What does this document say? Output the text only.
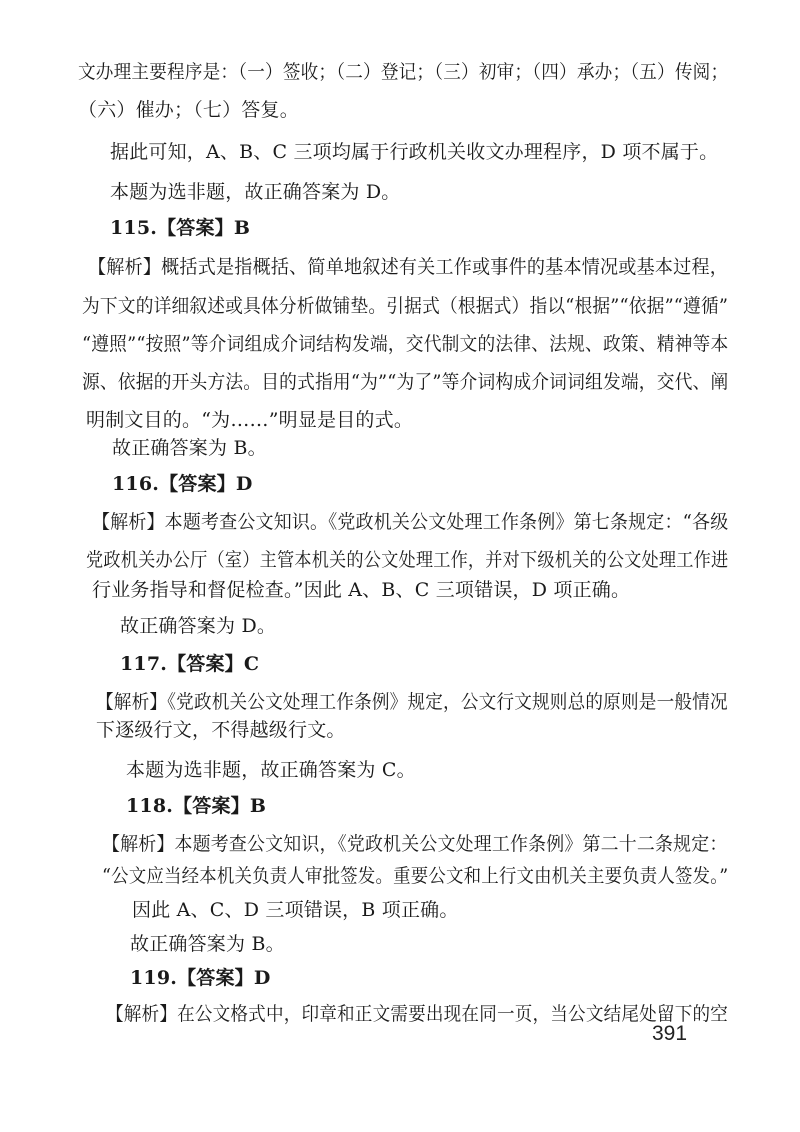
文办理主要程序是：（一）签收；（二）登记；（三）初审；（四）承办；（五）传阅；
（六）催办；（七）答复。
据此可知，A、B、C 三项均属于行政机关收文办理程序，D 项不属于。
本题为选非题，故正确答案为 D。
115.【答案】B
【解析】概括式是指概括、简单地叙述有关工作或事件的基本情况或基本过程，
为下文的详细叙述或具体分析做铺垫。引据式（根据式）指以“根据”“依据”“遵循”
“遵照”“按照”等介词组成介词结构发端，交代制文的法律、法规、政策、精神等本
源、依据的开头方法。目的式指用“为”“为了”等介词构成介词词组发端，交代、阐
明制文目的。“为……”明显是目的式。
故正确答案为 B。
116.【答案】D
【解析】本题考查公文知识。《党政机关公文处理工作条例》第七条规定：“各级
党政机关办公厅（室）主管本机关的公文处理工作，并对下级机关的公文处理工作进
行业务指导和督促检查。”因此 A、B、C 三项错误，D 项正确。
故正确答案为 D。
117.【答案】C
【解析】《党政机关公文处理工作条例》规定，公文行文规则总的原则是一般情况
下逐级行文，不得越级行文。
本题为选非题，故正确答案为 C。
118.【答案】B
【解析】本题考查公文知识，《党政机关公文处理工作条例》第二十二条规定：
“公文应当经本机关负责人审批签发。重要公文和上行文由机关主要负责人签发。”
因此 A、C、D 三项错误，B 项正确。
故正确答案为 B。
119.【答案】D
【解析】在公文格式中，印章和正文需要出现在同一页，当公文结尾处留下的空
391
